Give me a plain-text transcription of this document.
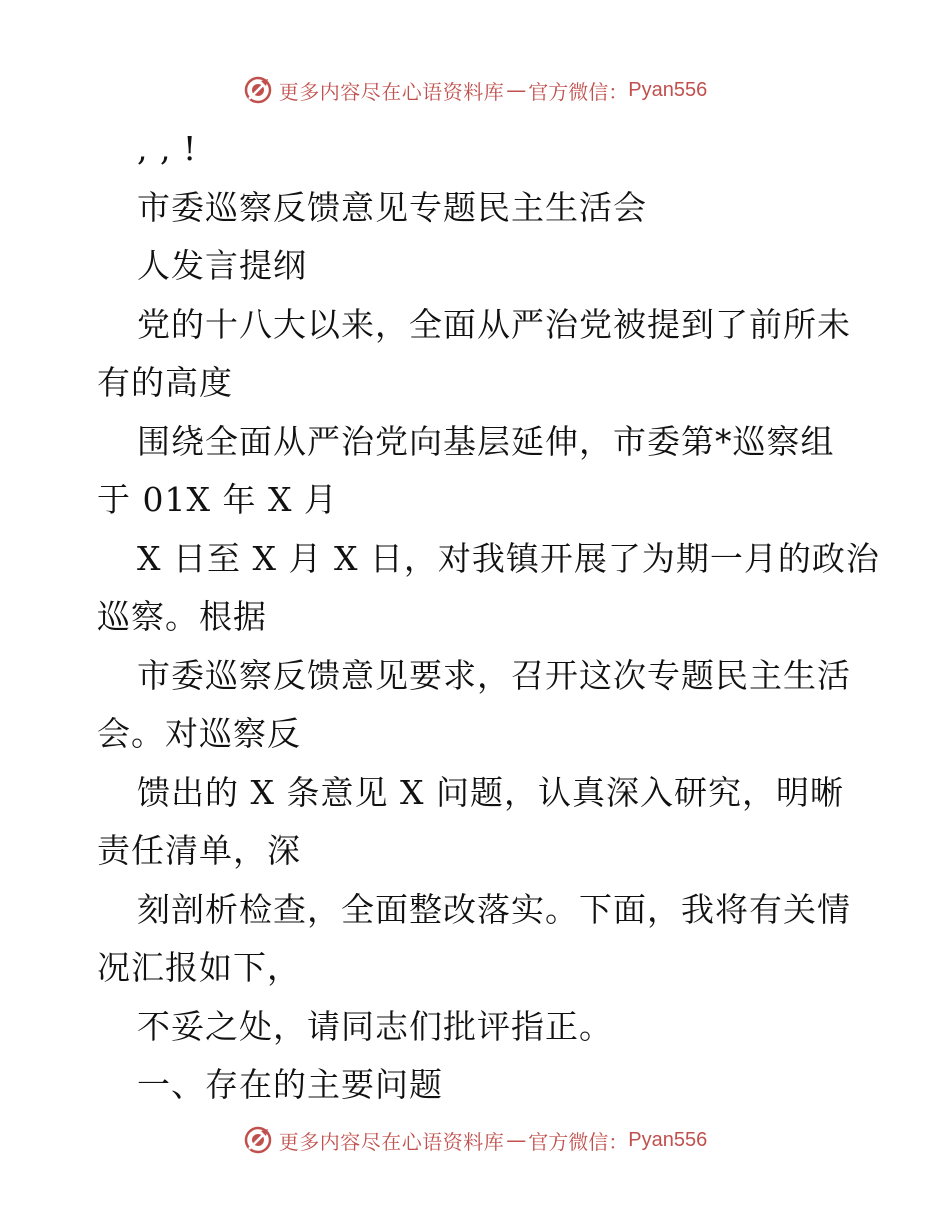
更多内容尽在心语资料库 — 官方微信： Pyan556
, , !
市委巡察反馈意见专题民主生活会
人发言提纲
党的十八大以来，全面从严治党被提到了前所未
有的高度
围绕全面从严治党向基层延伸，市委第*巡察组
于 01X 年 X 月
X 日至 X 月 X 日，对我镇开展了为期一月的政治
巡察。根据
市委巡察反馈意见要求，召开这次专题民主生活
会。对巡察反
馈出的 X 条意见 X 问题，认真深入研究，明晰
责任清单，深
刻剖析检查，全面整改落实。下面，我将有关情
况汇报如下，
不妥之处，请同志们批评指正。
一、存在的主要问题
更多内容尽在心语资料库 — 官方微信： Pyan556
